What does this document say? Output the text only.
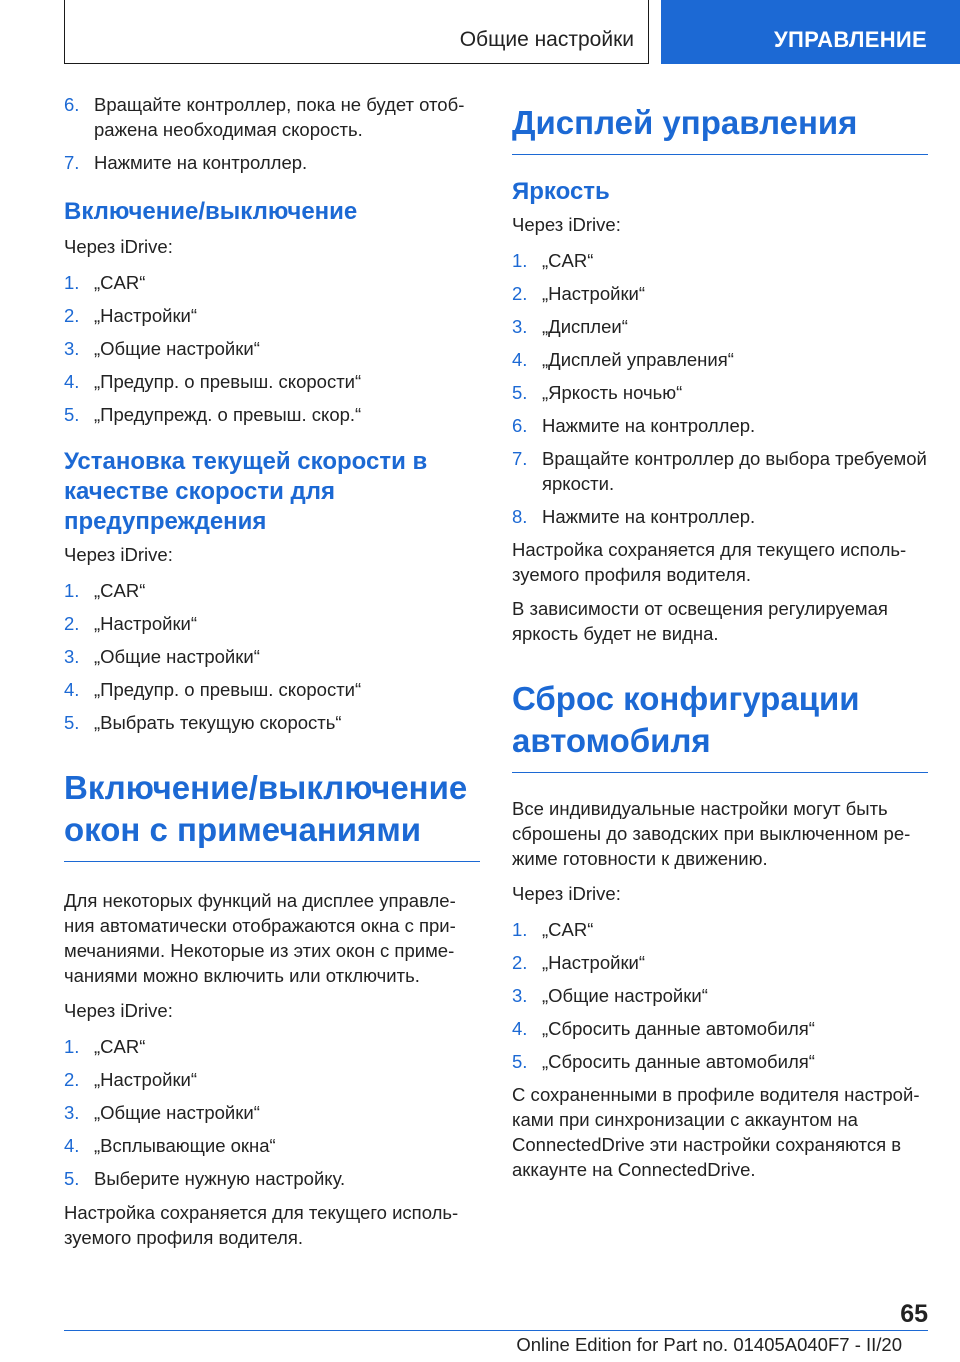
Общие настройки	УПРАВЛЕНИЕ
6. Вращайте контроллер, пока не будет отображена необходимая скорость.
7. Нажмите на контроллер.
Включение/выключение

Через iDrive:

1. „CAR“
2. „Настройки“
3. „Общие настройки“
4. „Предупр. о превыш. скорости“
5. „Предупрежд. о превыш. скор.“
Установка текущей скорости в качестве скорости для предупреждения

Через iDrive:

1. „CAR“
2. „Настройки“
3. „Общие настройки“
4. „Предупр. о превыш. скорости“
5. „Выбрать текущую скорость“
Включение/выключение окон с примечаниями

Для некоторых функций на дисплее управления автоматически отображаются окна с примечаниями. Некоторые из этих окон с примечаниями можно включить или отключить.

Через iDrive:

1. „CAR“
2. „Настройки“
3. „Общие настройки“
4. „Всплывающие окна“
5. Выберите нужную настройку.

Настройка сохраняется для текущего используемого профиля водителя.

Дисплей управления
Яркость

Через iDrive:

1. „CAR“
2. „Настройки“
3. „Дисплеи“
4. „Дисплей управления“
5. „Яркость ночью“
6. Нажмите на контроллер.
7. Вращайте контроллер до выбора требуемой яркости.
8. Нажмите на контроллер.

Настройка сохраняется для текущего используемого профиля водителя.

В зависимости от освещения регулируемая яркость будет не видна.

Сброс конфигурации автомобиля

Все индивидуальные настройки могут быть сброшены до заводских при выключенном режиме готовности к движению.

Через iDrive:

1. „CAR“
2. „Настройки“
3. „Общие настройки“
4. „Сбросить данные автомобиля“
5. „Сбросить данные автомобиля“

С сохраненными в профиле водителя настройками при синхронизации с аккаунтом на ConnectedDrive эти настройки сохраняются в аккаунте на ConnectedDrive.

65
Online Edition for Part no. 01405A040F7 - II/20
